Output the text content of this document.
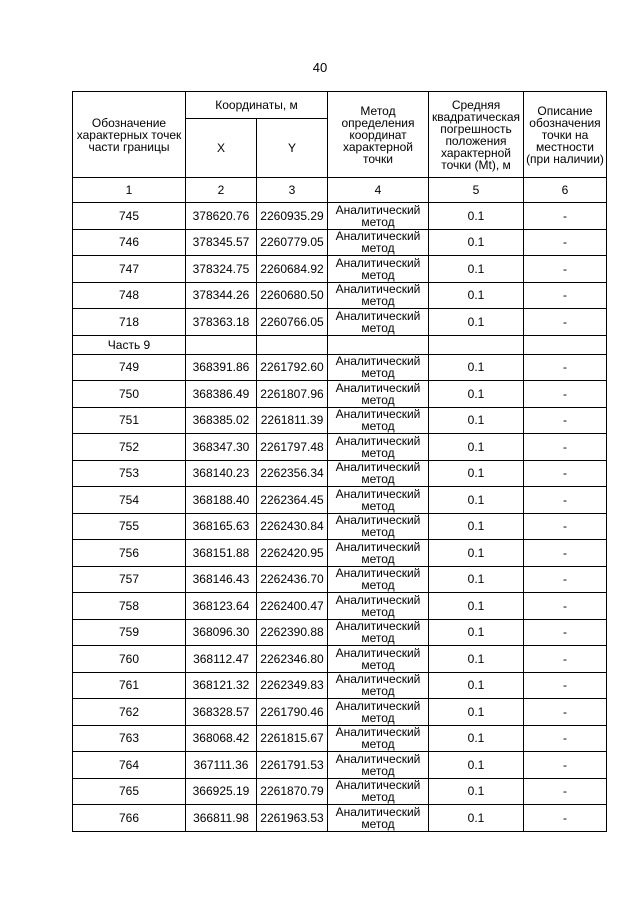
40
Обозначение характерных точек части границы	Координаты, м		Метод определения координат характерной точки	Средняя квадратическая погрешность положения характерной точки (Mt), м	Описание обозначения точки на местности (при наличии)
	X	Y			
1	2	3	4	5	6
745	378620.76	2260935.29	Аналитический метод	0.1	-
746	378345.57	2260779.05	Аналитический метод	0.1	-
747	378324.75	2260684.92	Аналитический метод	0.1	-
748	378344.26	2260680.50	Аналитический метод	0.1	-
718	378363.18	2260766.05	Аналитический метод	0.1	-
Часть 9					
749	368391.86	2261792.60	Аналитический метод	0.1	-
750	368386.49	2261807.96	Аналитический метод	0.1	-
751	368385.02	2261811.39	Аналитический метод	0.1	-
752	368347.30	2261797.48	Аналитический метод	0.1	-
753	368140.23	2262356.34	Аналитический метод	0.1	-
754	368188.40	2262364.45	Аналитический метод	0.1	-
755	368165.63	2262430.84	Аналитический метод	0.1	-
756	368151.88	2262420.95	Аналитический метод	0.1	-
757	368146.43	2262436.70	Аналитический метод	0.1	-
758	368123.64	2262400.47	Аналитический метод	0.1	-
759	368096.30	2262390.88	Аналитический метод	0.1	-
760	368112.47	2262346.80	Аналитический метод	0.1	-
761	368121.32	2262349.83	Аналитический метод	0.1	-
762	368328.57	2261790.46	Аналитический метод	0.1	-
763	368068.42	2261815.67	Аналитический метод	0.1	-
764	367111.36	2261791.53	Аналитический метод	0.1	-
765	366925.19	2261870.79	Аналитический метод	0.1	-
766	366811.98	2261963.53	Аналитический метод	0.1	-
